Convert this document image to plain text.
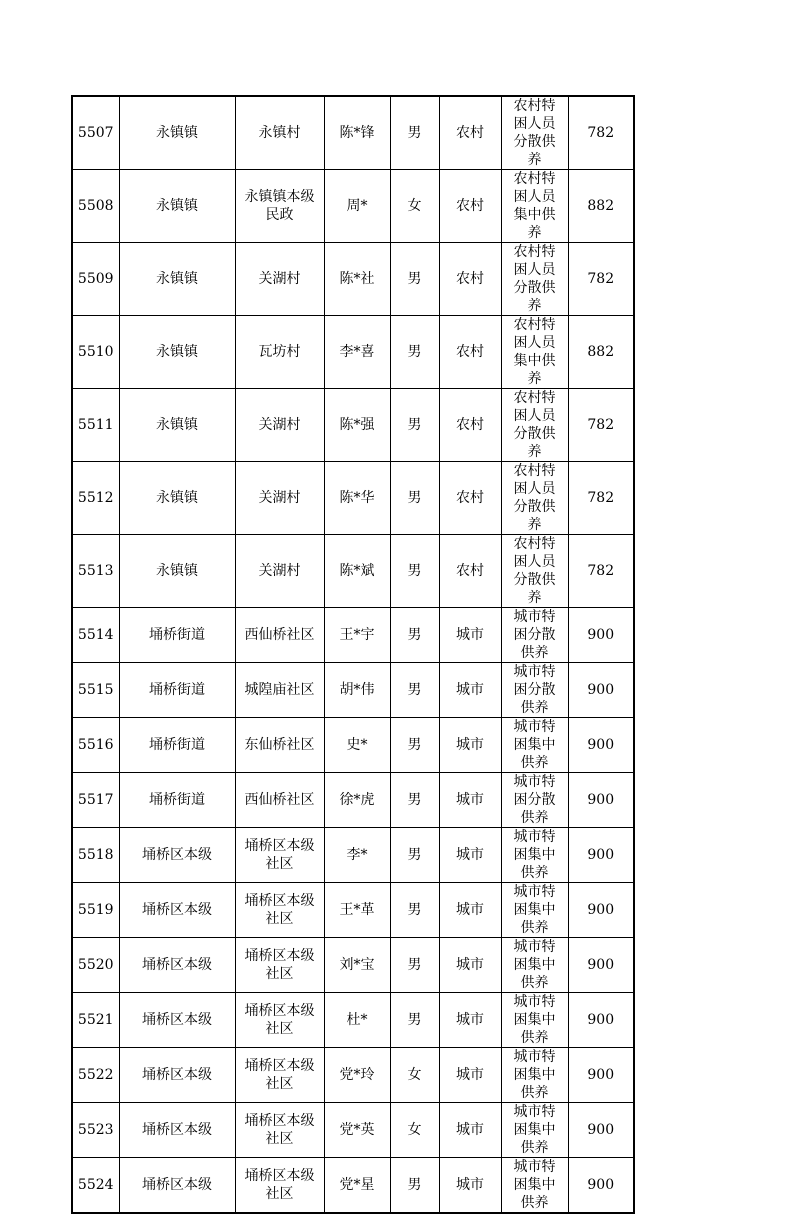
5507	永镇镇	永镇村	陈*锋	男	农村	农村特困人员分散供养	782
5508	永镇镇	永镇镇本级民政	周*	女	农村	农村特困人员集中供养	882
5509	永镇镇	关湖村	陈*社	男	农村	农村特困人员分散供养	782
5510	永镇镇	瓦坊村	李*喜	男	农村	农村特困人员集中供养	882
5511	永镇镇	关湖村	陈*强	男	农村	农村特困人员分散供养	782
5512	永镇镇	关湖村	陈*华	男	农村	农村特困人员分散供养	782
5513	永镇镇	关湖村	陈*斌	男	农村	农村特困人员分散供养	782
5514	埇桥街道	西仙桥社区	王*宇	男	城市	城市特困分散供养	900
5515	埇桥街道	城隍庙社区	胡*伟	男	城市	城市特困分散供养	900
5516	埇桥街道	东仙桥社区	史*	男	城市	城市特困集中供养	900
5517	埇桥街道	西仙桥社区	徐*虎	男	城市	城市特困分散供养	900
5518	埇桥区本级	埇桥区本级社区	李*	男	城市	城市特困集中供养	900
5519	埇桥区本级	埇桥区本级社区	王*革	男	城市	城市特困集中供养	900
5520	埇桥区本级	埇桥区本级社区	刘*宝	男	城市	城市特困集中供养	900
5521	埇桥区本级	埇桥区本级社区	杜*	男	城市	城市特困集中供养	900
5522	埇桥区本级	埇桥区本级社区	党*玲	女	城市	城市特困集中供养	900
5523	埇桥区本级	埇桥区本级社区	党*英	女	城市	城市特困集中供养	900
5524	埇桥区本级	埇桥区本级社区	党*星	男	城市	城市特困集中供养	900
